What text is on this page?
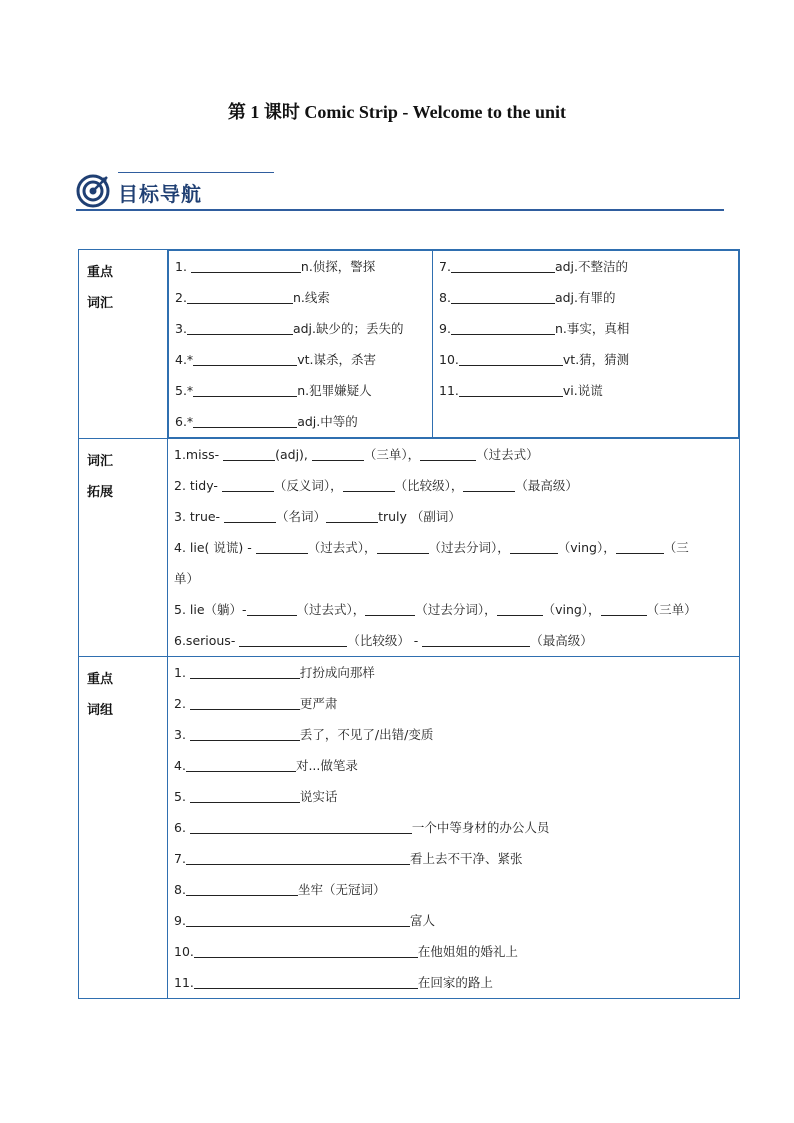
第 1 课时 Comic Strip - Welcome to the unit
目标导航
重点
词汇

1.	n.侦探，警探
2.	n.线索
3.	adj.缺少的；丢失的
4.*	vt.谋杀，杀害
5.*	n.犯罪嫌疑人
6.*	adj.中等的

7.	adj.不整洁的
8.	adj.有罪的
9.	n.事实，真相
10.	vt.猜，猜测
11.	vi.说谎

词汇
拓展

1.miss-	(adj),	（三单），	（过去式）
2. tidy-	（反义词），	（比较级），	（最高级）
3. true-	（名词）	truly （副词）
4. lie( 说谎) -	（过去式），	（过去分词），	（ving），	（三
单）
5. lie（躺）-	（过去式），	（过去分词），	（ving），	（三单）
6.serious-	（比较级） -	（最高级）

重点
词组

1.	打扮成向那样
2.	更严肃
3.	丢了，不见了/出错/变质
4.	对...做笔录
5.	说实话
6.	一个中等身材的办公人员
7.	看上去不干净、紧张
8.	坐牢（无冠词）
9.	富人
10.	在他姐姐的婚礼上
11.	在回家的路上
